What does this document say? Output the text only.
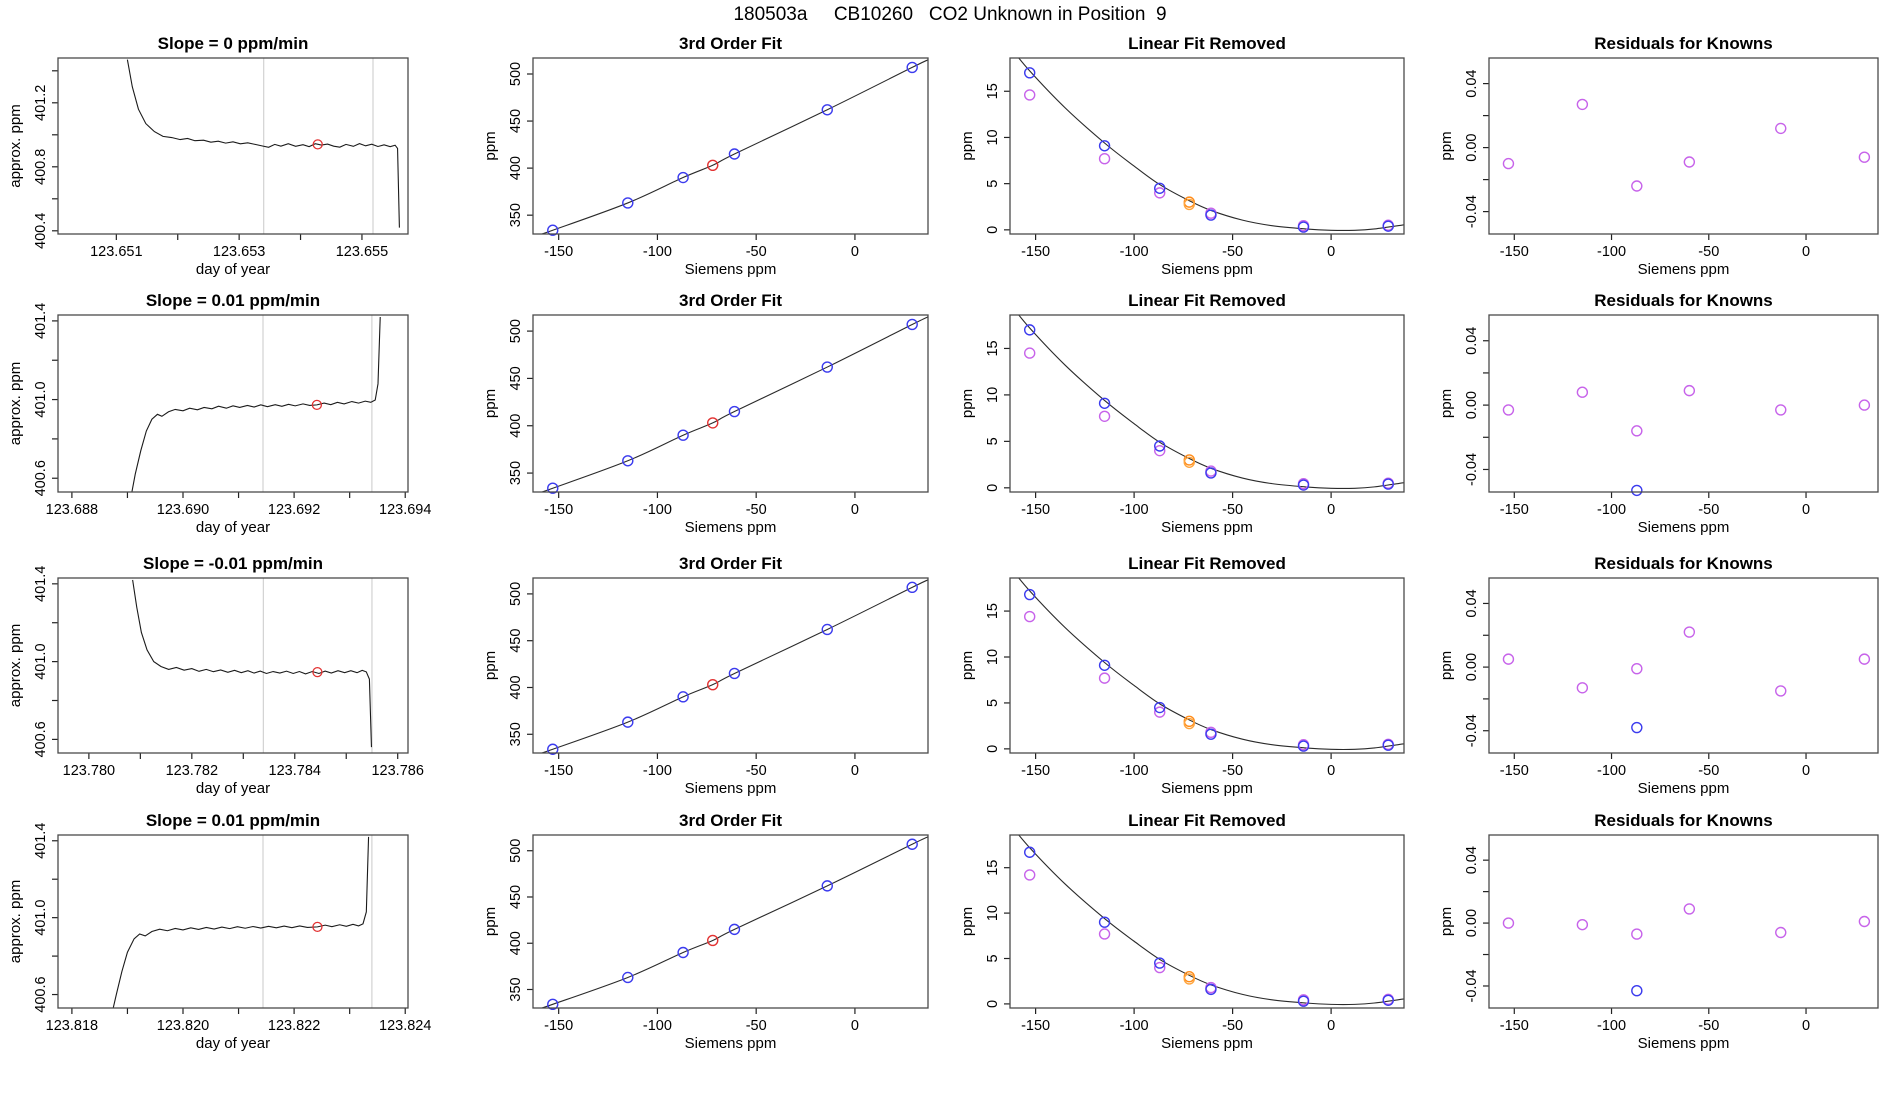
180503a     CB10260   CO2 Unknown in Position  9
123.651	123.653	123.655
400.4
400.8
401.2
Slope = 0 ppm/min
day of year
approx. ppm
-150	-100	-50	0
350
400
450
500
3rd Order Fit
Siemens ppm
ppm
-150	-100	-50	0
0
5
10
15
Linear Fit Removed
Siemens ppm
ppm
-150	-100	-50	0
-0.04
0.00
0.04
Residuals for Knowns
Siemens ppm
ppm
123.688	123.690	123.692	123.694
400.6
401.0
401.4
Slope = 0.01 ppm/min
day of year
approx. ppm
-150	-100	-50	0
350
400
450
500
3rd Order Fit
Siemens ppm
ppm
-150	-100	-50	0
0
5
10
15
Linear Fit Removed
Siemens ppm
ppm
-150	-100	-50	0
-0.04
0.00
0.04
Residuals for Knowns
Siemens ppm
ppm
123.780	123.782	123.784	123.786
400.6
401.0
401.4
Slope = -0.01 ppm/min
day of year
approx. ppm
-150	-100	-50	0
350
400
450
500
3rd Order Fit
Siemens ppm
ppm
-150	-100	-50	0
0
5
10
15
Linear Fit Removed
Siemens ppm
ppm
-150	-100	-50	0
-0.04
0.00
0.04
Residuals for Knowns
Siemens ppm
ppm
123.818	123.820	123.822	123.824
400.6
401.0
401.4
Slope = 0.01 ppm/min
day of year
approx. ppm
-150	-100	-50	0
350
400
450
500
3rd Order Fit
Siemens ppm
ppm
-150	-100	-50	0
0
5
10
15
Linear Fit Removed
Siemens ppm
ppm
-150	-100	-50	0
-0.04
0.00
0.04
Residuals for Knowns
Siemens ppm
ppm
